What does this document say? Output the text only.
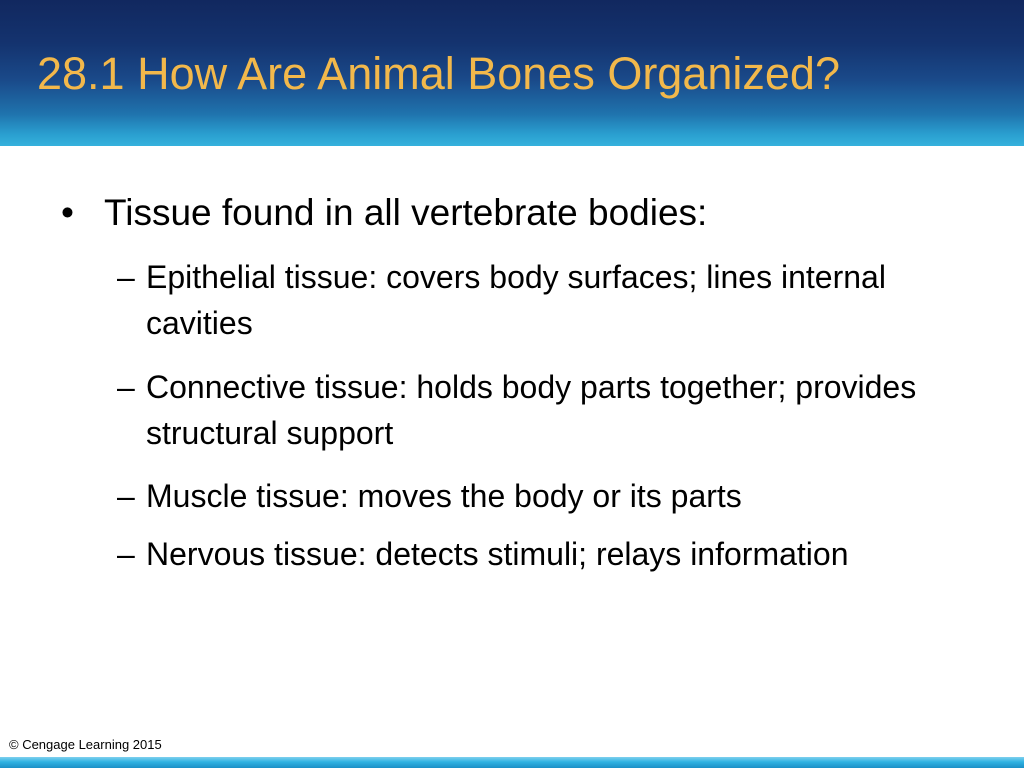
28.1 How Are Animal Bones Organized?
• Tissue found in all vertebrate bodies:
– Epithelial tissue: covers body surfaces; lines internal cavities
– Connective tissue: holds body parts together; provides structural support
– Muscle tissue: moves the body or its parts
– Nervous tissue: detects stimuli; relays information
© Cengage Learning 2015
